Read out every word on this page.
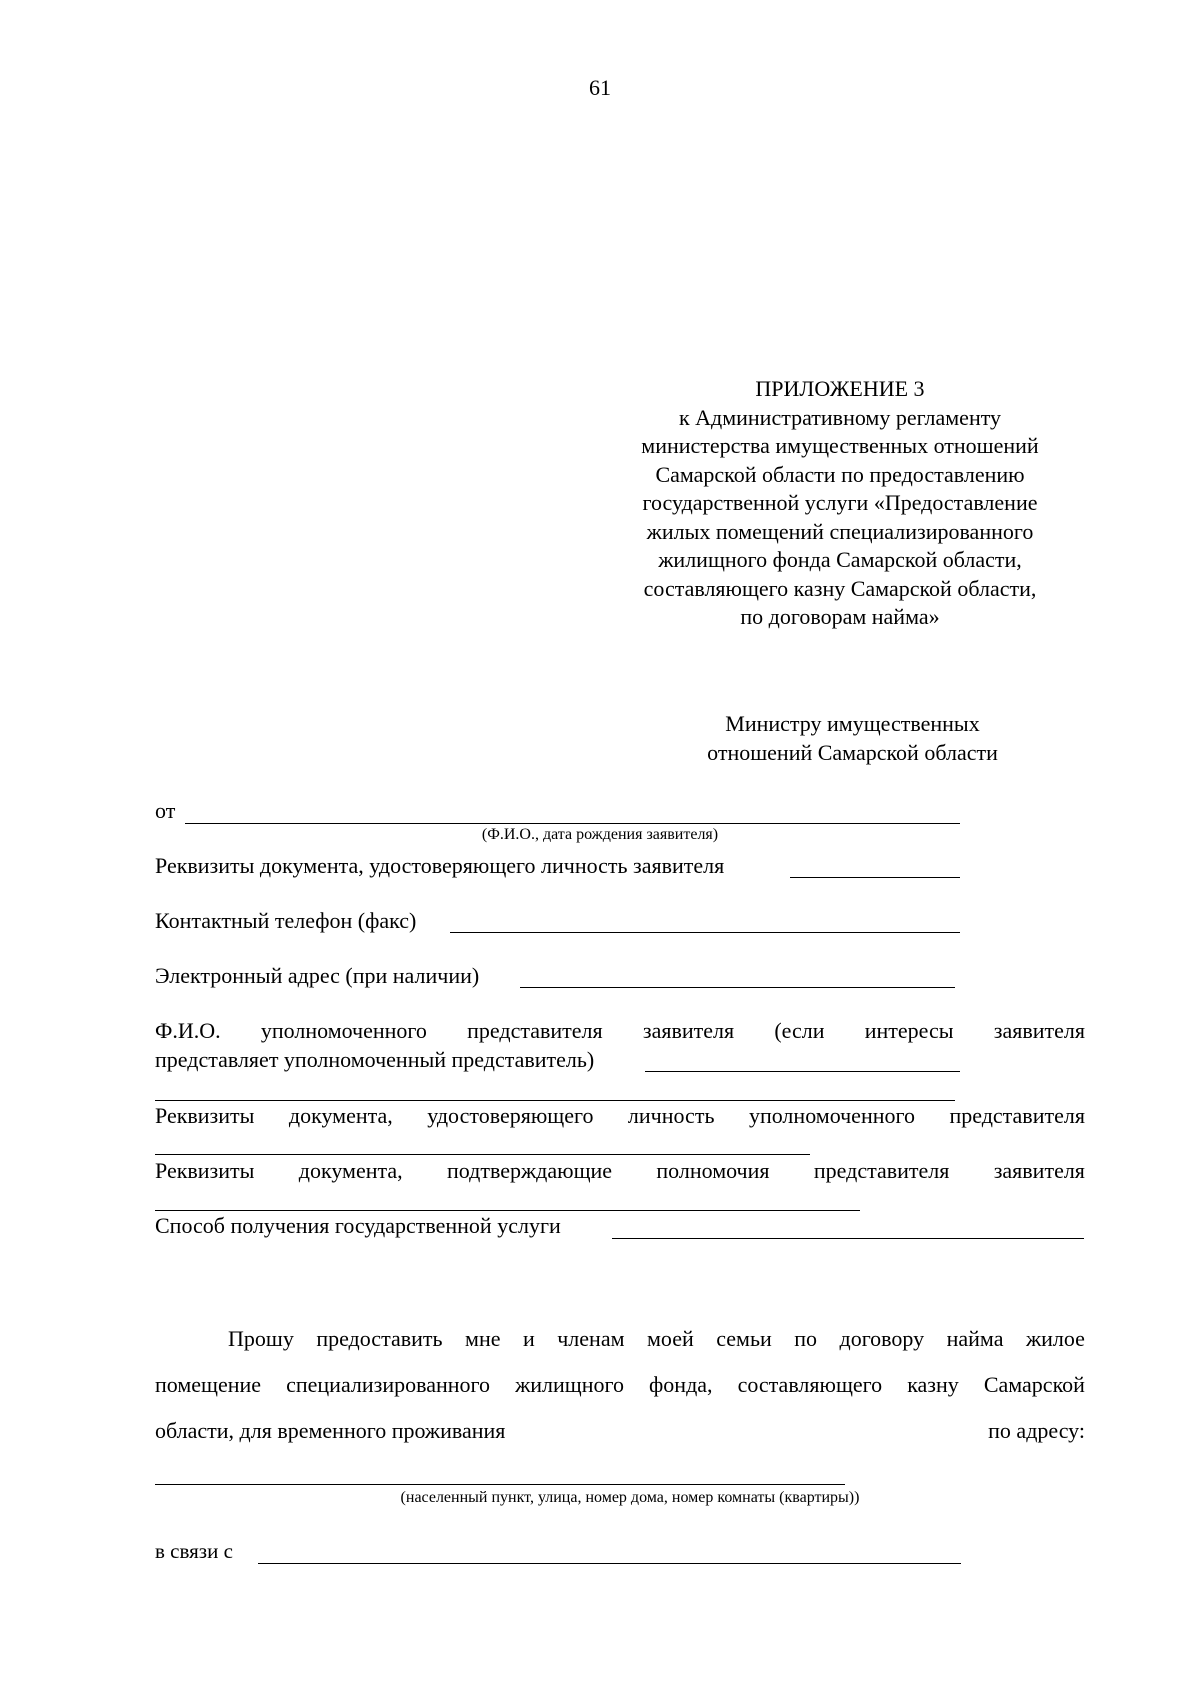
61
ПРИЛОЖЕНИЕ 3
к Административному регламенту
министерства имущественных отношений
Самарской области по предоставлению
государственной услуги «Предоставление
жилых помещений специализированного
жилищного фонда Самарской области,
составляющего казну Самарской области,
по договорам найма»
Министру имущественных
отношений Самарской области
от
(Ф.И.О., дата рождения заявителя)
Реквизиты документа, удостоверяющего личность заявителя
Контактный телефон (факс)
Электронный адрес (при наличии)
Ф.И.О. уполномоченного представителя заявителя (если интересы заявителя
представляет уполномоченный представитель)
Реквизиты документа, удостоверяющего личность уполномоченного представителя
Реквизиты документа, подтверждающие полномочия представителя заявителя
Способ получения государственной услуги
Прошу предоставить мне и членам моей семьи по договору найма жилое
помещение специализированного жилищного фонда, составляющего казну Самарской
области, для временного проживания	по адресу:
(населенный пункт, улица, номер дома, номер комнаты (квартиры))
в связи с
